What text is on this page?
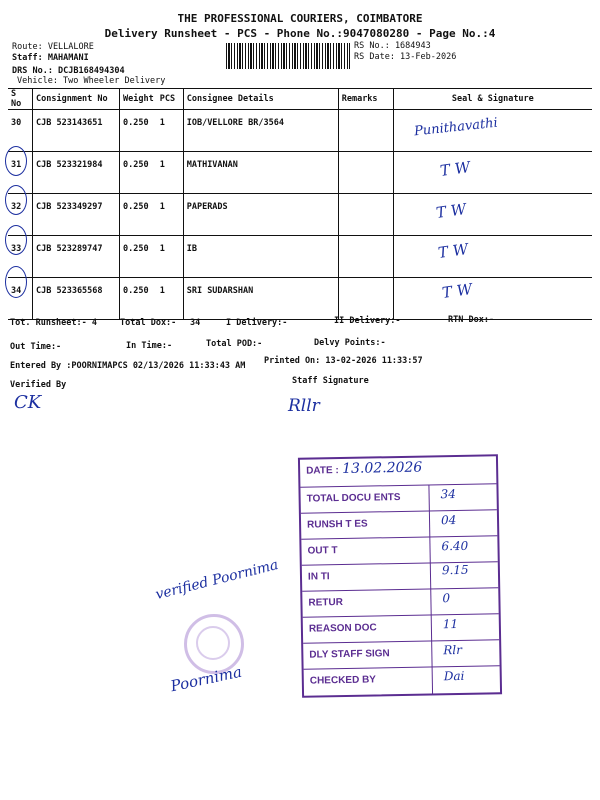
THE PROFESSIONAL COURIERS, COIMBATORE
Delivery Runsheet - PCS - Phone No.:9047080280 - Page No.:4
Route: VELLALORE
Staff: MAHAMANI
DRS No.: DCJB168494304
Vehicle: Two Wheeler Delivery
RS No.: 1684943
RS Date: 13-Feb-2026
S No	Consignment No	Weight	PCS	Consignee Details	Remarks	Seal & Signature
30	CJB 523143651	0.250	1	IOB/VELLORE BR/3564		
31	CJB 523321984	0.250	1	MATHIVANAN		
32	CJB 523349297	0.250	1	PAPERADS		
33	CJB 523289747	0.250	1	IB		
34	CJB 523365568	0.250	1	SRI SUDARSHAN		
Punithavathi
T W
T W
T W
T W
Tot. Runsheet:- 4	Total Dox:- 34	I Delivery:-	II Delivery:-	RTN Dox:-
Out Time:-	In Time:-	Total POD:-	Delvy Points:-
Entered By :POORNIMAPCS 02/13/2026 11:33:43 AM Printed On: 13-02-2026 11:33:57
Verified By	Staff Signature
CK	Rllr
DATE : 13.02.2026
TOTAL DOCU ENTS	34
RUNSH T ES	04
OUT T	6.40
IN TI	9.15
RETUR	0
REASON DOC	11
DLY STAFF SIGN	Rlr
CHECKED BY	Dai
verified Poornima
Poornima
